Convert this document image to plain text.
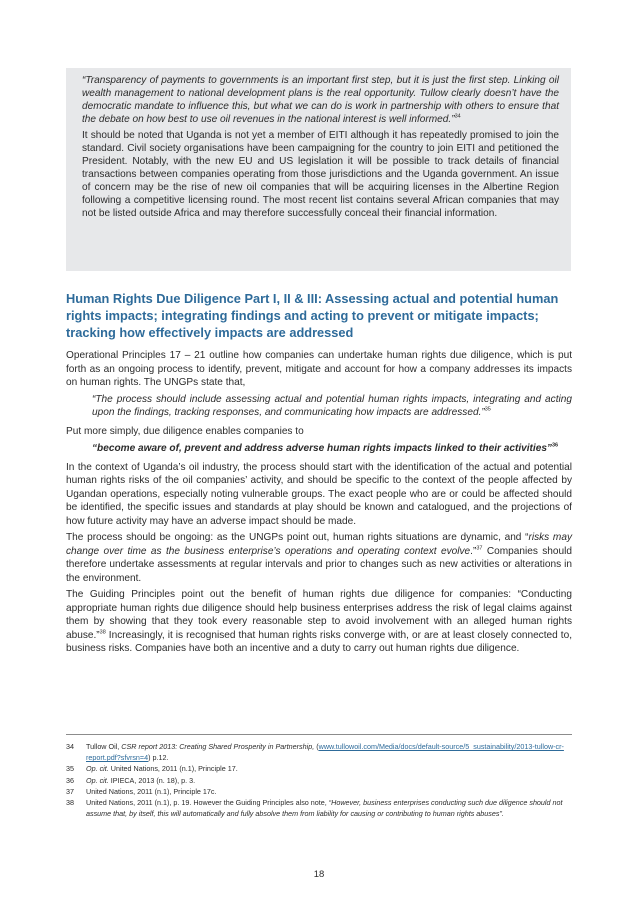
“Transparency of payments to governments is an important first step, but it is just the first step. Linking oil wealth management to national development plans is the real opportunity. Tullow clearly doesn’t have the democratic mandate to influence this, but what we can do is work in partnership with others to ensure that the debate on how best to use oil revenues in the national interest is well informed.”$^{34}$

It should be noted that Uganda is not yet a member of EITI although it has repeatedly promised to join the standard. Civil society organisations have been campaigning for the country to join EITI and petitioned the President. Notably, with the new EU and US legislation it will be possible to track details of financial transactions between companies operating from those jurisdictions and the Uganda government. An issue of concern may be the rise of new oil companies that will be acquiring licenses in the Albertine Region following a competitive licensing round. The most recent list contains several African companies that may not be listed outside Africa and may therefore successfully conceal their financial information.

Human Rights Due Diligence Part I, II & III: Assessing actual and potential human rights impacts; integrating findings and acting to prevent or mitigate impacts; tracking how effectively impacts are addressed

Operational Principles 17 – 21 outline how companies can undertake human rights due diligence, which is put forth as an ongoing process to identify, prevent, mitigate and account for how a company addresses its impacts on human rights. The UNGPs state that,

“The process should include assessing actual and potential human rights impacts, integrating and acting upon the findings, tracking responses, and communicating how impacts are addressed.”$^{35}$

Put more simply, due diligence enables companies to

“become aware of, prevent and address adverse human rights impacts linked to their activities”$^{36}$

In the context of Uganda’s oil industry, the process should start with the identification of the actual and potential human rights risks of the oil companies’ activity, and should be specific to the context of the people affected by Ugandan operations, especially noting vulnerable groups. The exact people who are or could be affected should be identified, the specific issues and standards at play should be known and catalogued, and the projections of how future activity may have an adverse impact should be made.

The process should be ongoing: as the UNGPs point out, human rights situations are dynamic, and “risks may change over time as the business enterprise’s operations and operating context evolve.”$^{37}$ Companies should therefore undertake assessments at regular intervals and prior to changes such as new activities or alterations in the environment.

The Guiding Principles point out the benefit of human rights due diligence for companies: “Conducting appropriate human rights due diligence should help business enterprises address the risk of legal claims against them by showing that they took every reasonable step to avoid involvement with an alleged human rights abuse.”$^{38}$ Increasingly, it is recognised that human rights risks converge with, or are at least closely connected to, business risks. Companies have both an incentive and a duty to carry out human rights due diligence.

34	Tullow Oil, CSR report 2013: Creating Shared Prosperity in Partnership, (www.tullowoil.com/Media/docs/default-source/5_sustainability/2013-tullow-cr-report.pdf?sfvrsn=4) p.12.
35	Op. cit. United Nations, 2011 (n.1), Principle 17.
36	Op. cit. IPIECA, 2013 (n. 18), p. 3.
37	United Nations, 2011 (n.1), Principle 17c.
38	United Nations, 2011 (n.1), p. 19. However the Guiding Principles also note, “However, business enterprises conducting such due diligence should not assume that, by itself, this will automatically and fully absolve them from liability for causing or contributing to human rights abuses”.
18
